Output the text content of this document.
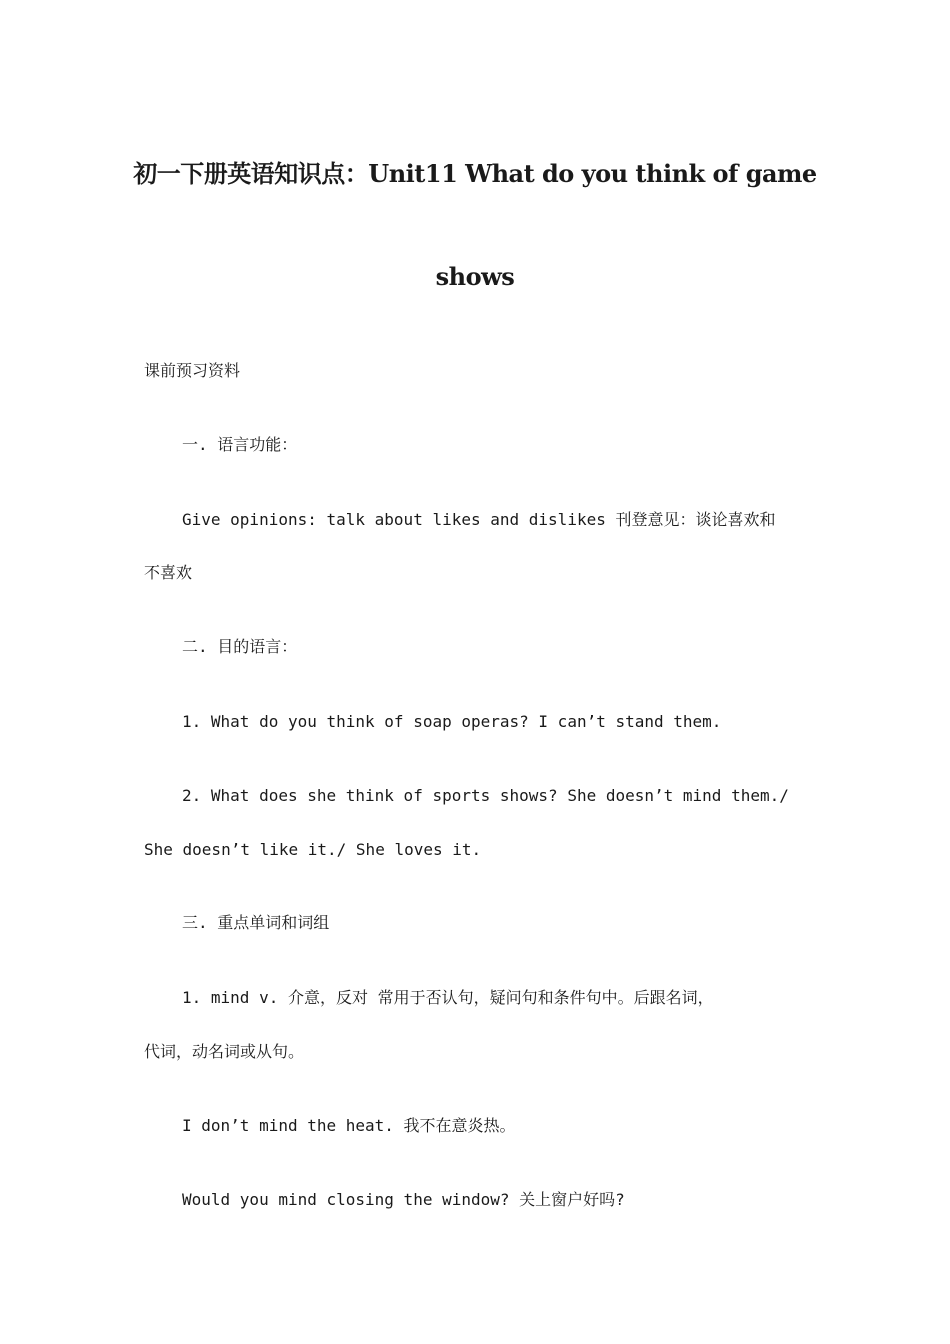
初一下册英语知识点：Unit11 What do you think of game
shows
课前预习资料
一. 语言功能：
Give opinions: talk about likes and dislikes 刊登意见：谈论喜欢和
不喜欢
二. 目的语言：
1. What do you think of soap operas? I can’t stand them.
2. What does she think of sports shows? She doesn’t mind them./
She doesn’t like it./ She loves it.
三. 重点单词和词组
1. mind v. 介意，反对 常用于否认句，疑问句和条件句中。后跟名词，
代词，动名词或从句。
I don’t mind the heat. 我不在意炎热。
Would you mind closing the window? 关上窗户好吗?
